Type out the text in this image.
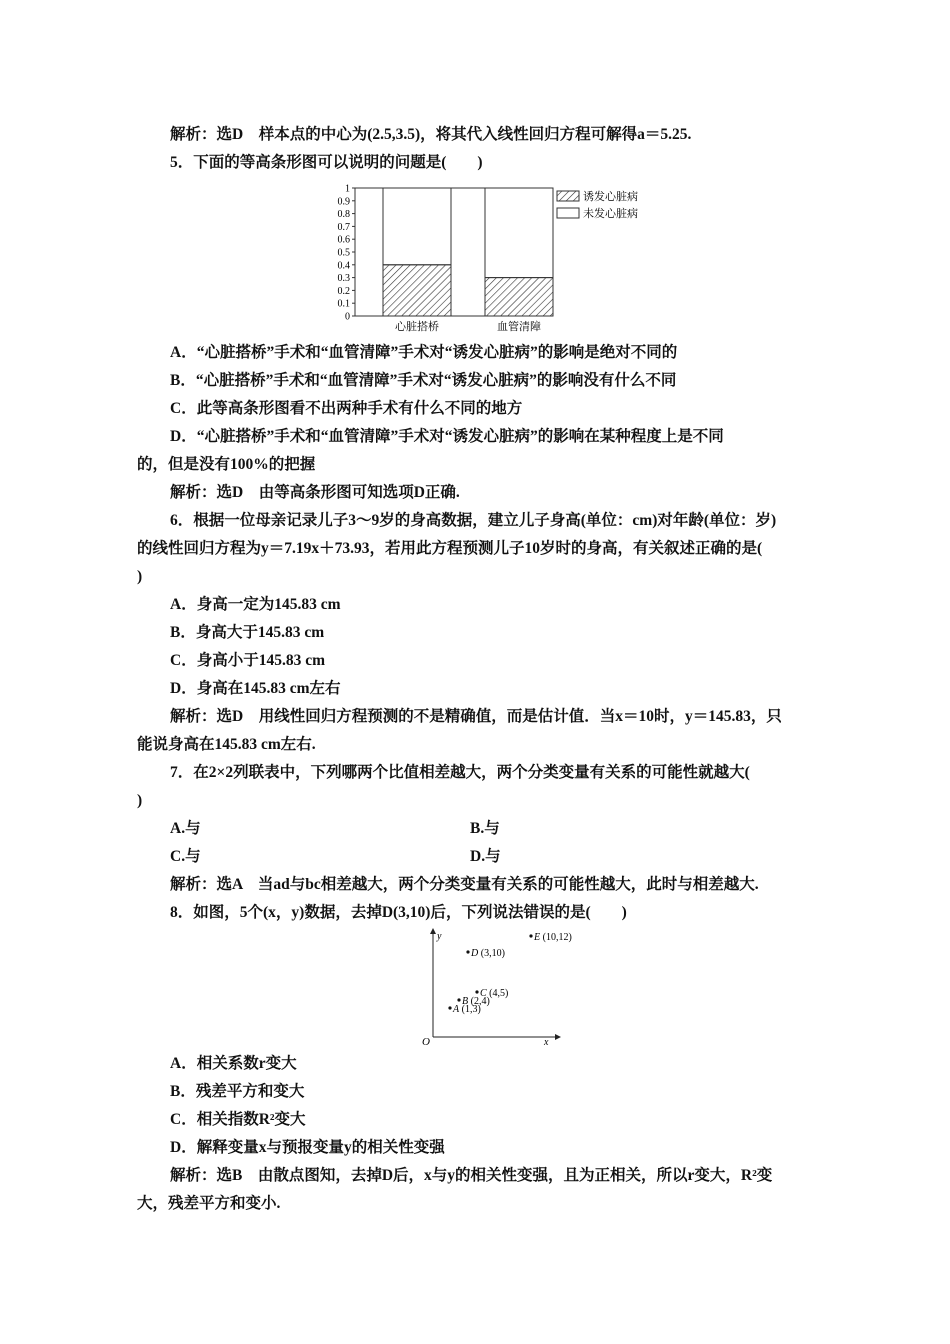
解析：选D　样本点的中心为(2.5,3.5)，将其代入线性回归方程可解得a＝5.25.
5．下面的等高条形图可以说明的问题是(　　)
0
0.1
0.2
0.3
0.4
0.5
0.6
0.7
0.8
0.9
1
心脏搭桥	血管清障
诱发心脏病
未发心脏病
A．“心脏搭桥”手术和“血管清障”手术对“诱发心脏病”的影响是绝对不同的
B．“心脏搭桥”手术和“血管清障”手术对“诱发心脏病”的影响没有什么不同
C．此等高条形图看不出两种手术有什么不同的地方
D．“心脏搭桥”手术和“血管清障”手术对“诱发心脏病”的影响在某种程度上是不同
的，但是没有100%的把握
解析：选D　由等高条形图可知选项D正确.
6．根据一位母亲记录儿子3～9岁的身高数据，建立儿子身高(单位：cm)对年龄(单位：岁)
的线性回归方程为y＝7.19x＋73.93，若用此方程预测儿子10岁时的身高，有关叙述正确的是(
)
A．身高一定为145.83 cm
B．身高大于145.83 cm
C．身高小于145.83 cm
D．身高在145.83 cm左右
解析：选D　用线性回归方程预测的不是精确值，而是估计值．当x＝10时，y＝145.83，只
能说身高在145.83 cm左右.
7．在2×2列联表中，下列哪两个比值相差越大，两个分类变量有关系的可能性就越大(
)
A.与	B.与
C.与	D.与
解析：选A　当ad与bc相差越大，两个分类变量有关系的可能性越大，此时与相差越大.
8．如图，5个(x，y)数据，去掉D(3,10)后，下列说法错误的是(　　)
y
x
O
A (1,3)
B (2,4)
C (4,5)
D (3,10)
E (10,12)
A．相关系数r变大
B．残差平方和变大
C．相关指数R²变大
D．解释变量x与预报变量y的相关性变强
解析：选B　由散点图知，去掉D后，x与y的相关性变强，且为正相关，所以r变大，R²变
大，残差平方和变小.
